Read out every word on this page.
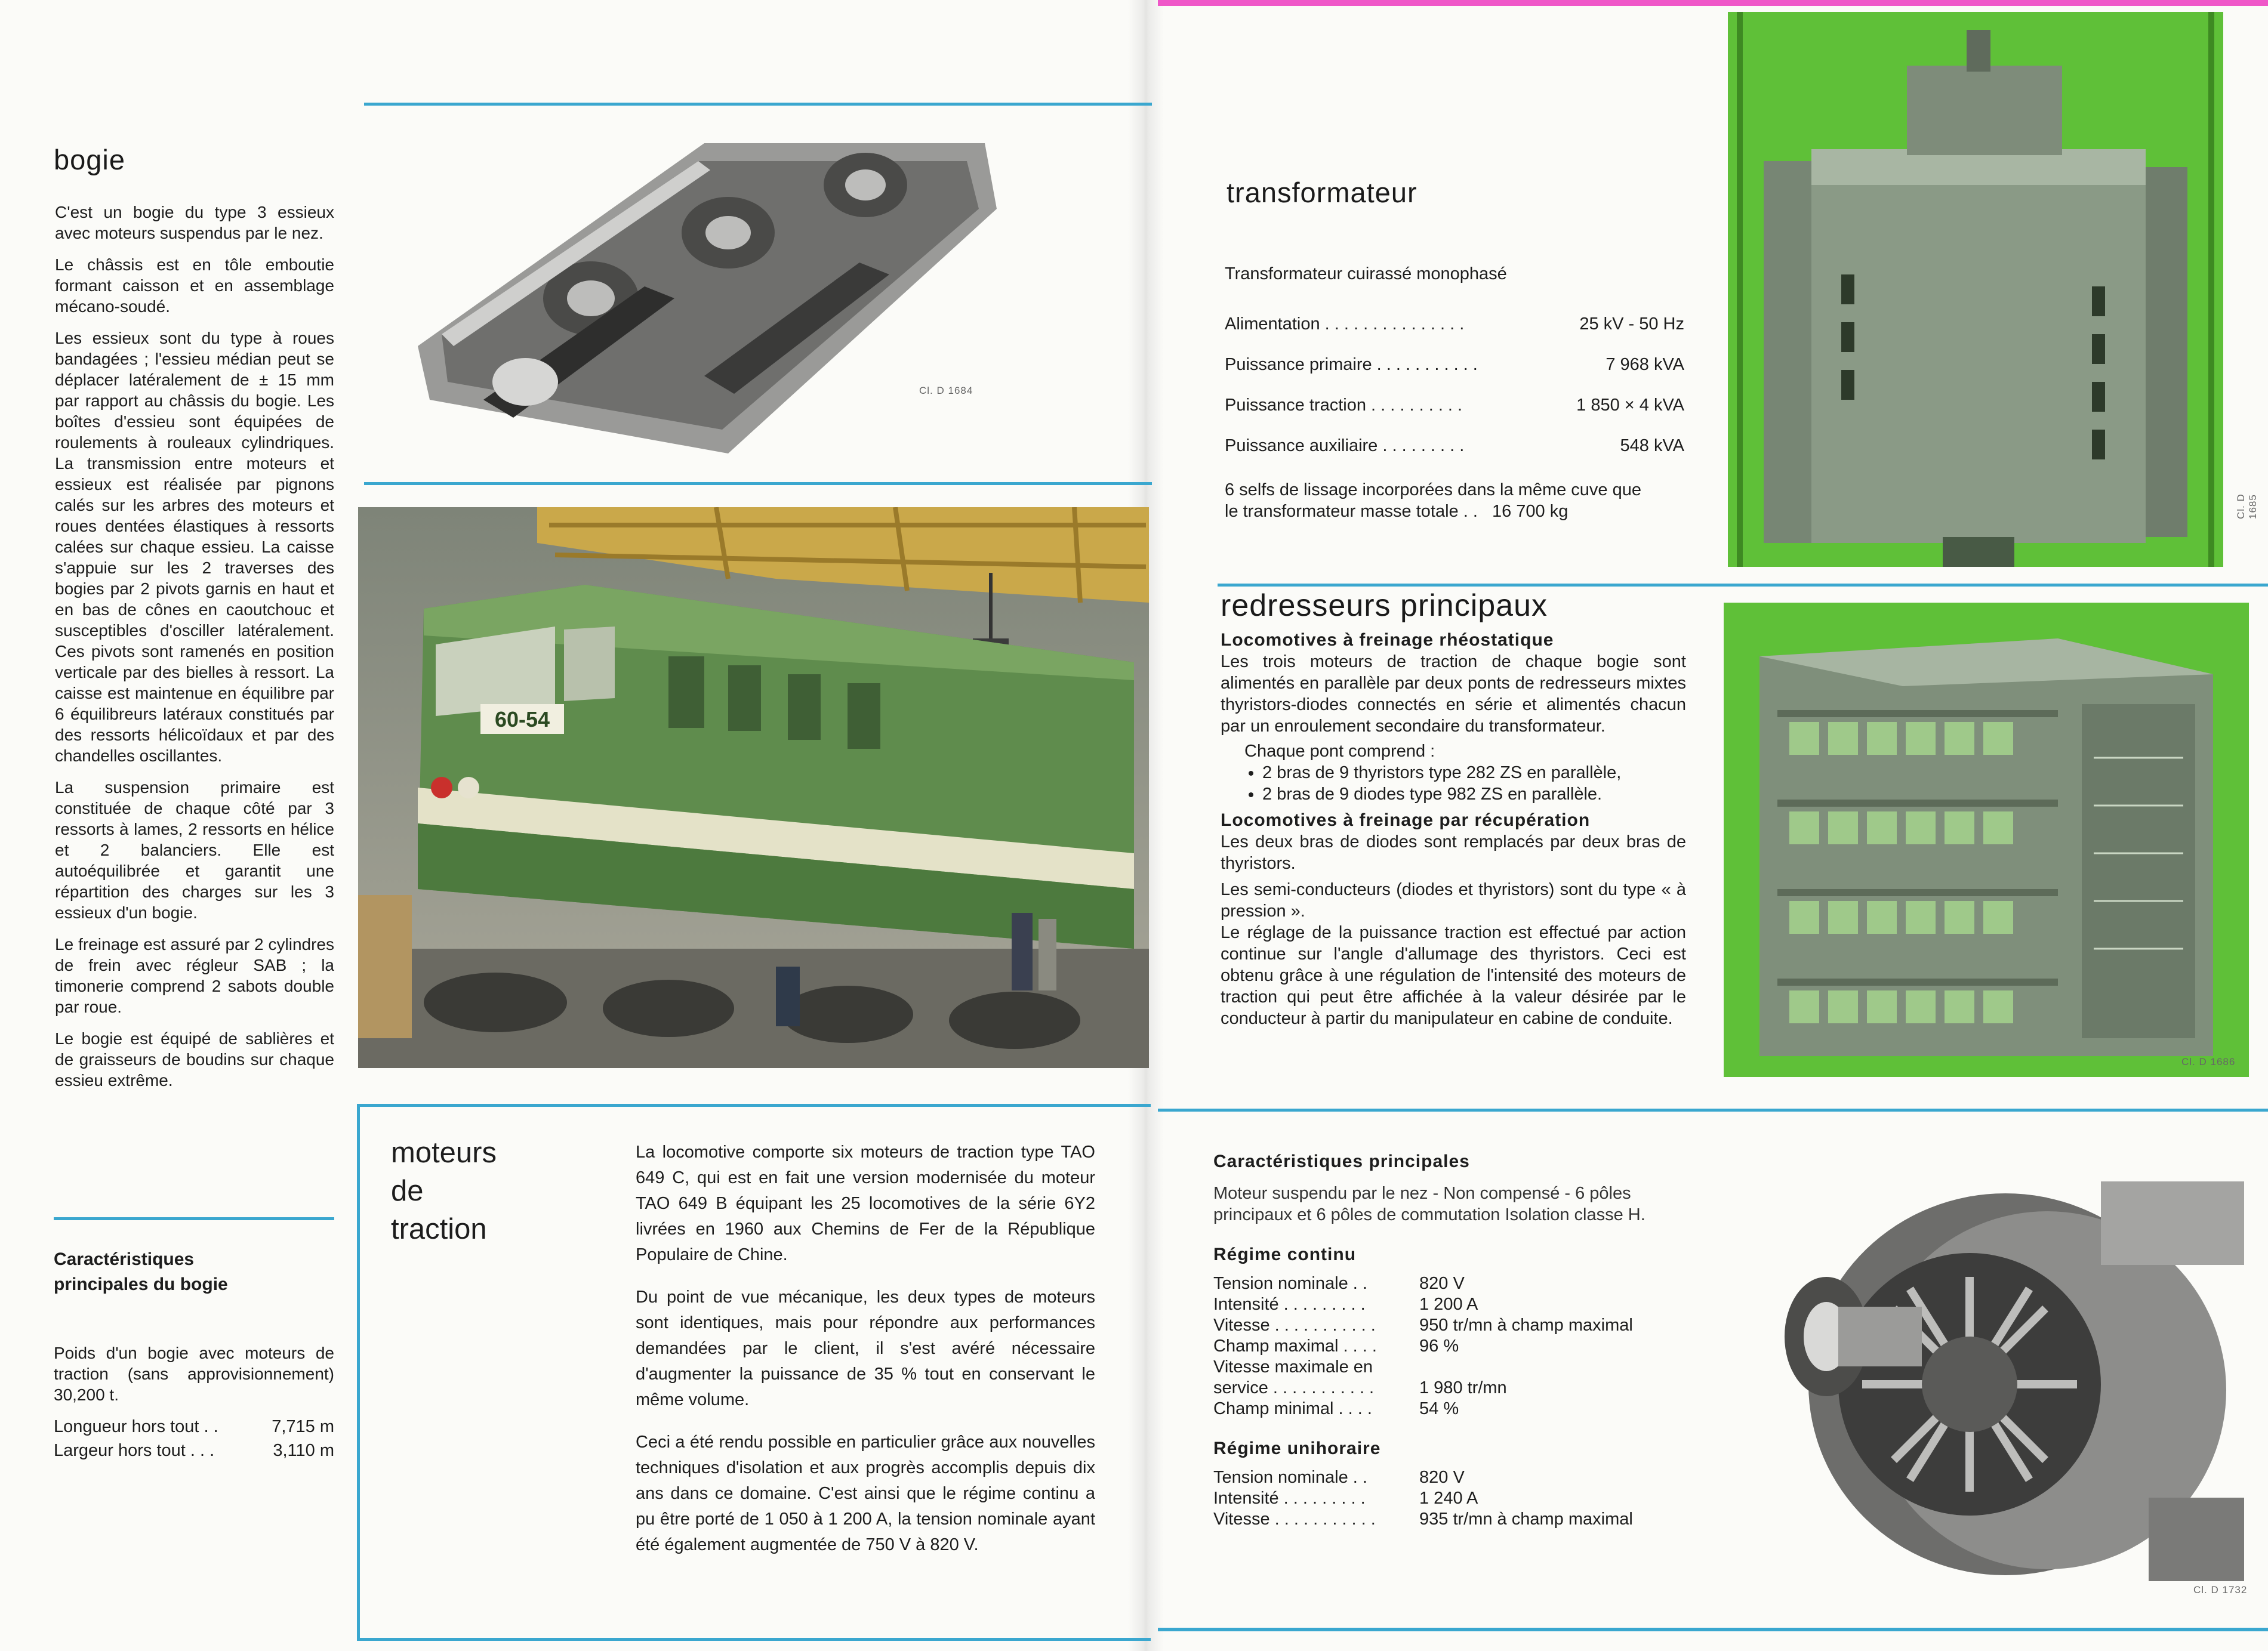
bogie

C'est un bogie du type 3 essieux avec moteurs suspendus par le nez.

Le châssis est en tôle emboutie formant caisson et en assemblage mécano-soudé.

Les essieux sont du type à roues bandagées ; l'essieu médian peut se déplacer latéralement de ± 15 mm par rapport au châssis du bogie. Les boîtes d'essieu sont équipées de roulements à rouleaux cylindriques. La transmission entre moteurs et essieux est réalisée par pignons calés sur les arbres des moteurs et roues dentées élastiques à ressorts calées sur chaque essieu. La caisse s'appuie sur les 2 traverses des bogies par 2 pivots garnis en haut et en bas de cônes en caoutchouc et susceptibles d'osciller latéralement. Ces pivots sont ramenés en position verticale par des bielles à ressort. La caisse est maintenue en équilibre par 6 équilibreurs latéraux constitués par des ressorts hélicoïdaux et par des chandelles oscillantes.

La suspension primaire est constituée de chaque côté par 3 ressorts à lames, 2 ressorts en hélice et 2 balanciers. Elle est autoéquilibrée et garantit une répartition des charges sur les 3 essieux d'un bogie.

Le freinage est assuré par 2 cylindres de frein avec régleur SAB ; la timonerie comprend 2 sabots double par roue.

Le bogie est équipé de sablières et de graisseurs de boudins sur chaque essieu extrême.

Caractéristiques principales du bogie

Poids d'un bogie avec moteurs de traction (sans approvisionnement) 30,200 t.

Longueur hors tout . .	7,715 m
Largeur hors tout . . .	3,110 m
Cl. D 1684
60-54
moteurs
de
traction

La locomotive comporte six moteurs de traction type TAO 649 C, qui est en fait une version modernisée du moteur TAO 649 B équipant les 25 locomotives de la série 6Y2 livrées en 1960 aux Chemins de Fer de la République Populaire de Chine.

Du point de vue mécanique, les deux types de moteurs sont identiques, mais pour répondre aux performances demandées par le client, il s'est avéré nécessaire d'augmenter la puissance de 35 % tout en conservant le même volume.

Ceci a été rendu possible en particulier grâce aux nouvelles techniques d'isolation et aux progrès accomplis depuis dix ans dans ce domaine. C'est ainsi que le régime continu a pu être porté de 1 050 à 1 200 A, la tension nominale ayant été également augmentée de 750 V à 820 V.

transformateur
Transformateur cuirassé monophasé
Alimentation . . . . . . . . . . . . . . .	25 kV - 50 Hz
Puissance primaire . . . . . . . . . . .	7 968 kVA
Puissance traction . . . . . . . . . .	1 850 × 4 kVA
Puissance auxiliaire . . . . . . . . .	548 kVA
6 selfs de lissage incorporées dans la même cuve que
le transformateur masse totale . . 16 700 kg	Cl. D 1685
redresseurs principaux
Locomotives à freinage rhéostatique
Les trois moteurs de traction de chaque bogie sont alimentés en parallèle par deux ponts de redresseurs mixtes thyristors-diodes connectés en série et alimentés chacun par un enroulement secondaire du transformateur.
Chaque pont comprend :
• 2 bras de 9 thyristors type 282 ZS en parallèle,
• 2 bras de 9 diodes type 982 ZS en parallèle.
Locomotives à freinage par récupération
Les deux bras de diodes sont remplacés par deux bras de thyristors.
Les semi-conducteurs (diodes et thyristors) sont du type « à pression ».
Le réglage de la puissance traction est effectué par action continue sur l'angle d'allumage des thyristors. Ceci est obtenu grâce à une régulation de l'intensité des moteurs de traction qui peut être affichée à la valeur désirée par le conducteur à partir du manipulateur en cabine de conduite.
Cl. D 1686
Caractéristiques principales
Moteur suspendu par le nez - Non compensé - 6 pôles principaux et 6 pôles de commutation Isolation classe H.
Régime continu
Tension nominale . .	820 V
Intensité . . . . . . . . .	1 200 A
Vitesse . . . . . . . . . . .	950 tr/mn à champ maximal
Champ maximal . . . .	96 %
Vitesse maximale en service . . . . . . . . . . .	1 980 tr/mn
Champ minimal . . . .	54 %
Régime unihoraire
Tension nominale . .	820 V
Intensité . . . . . . . . .	1 240 A
Vitesse . . . . . . . . . . .	935 tr/mn à champ maximal
Cl. D 1732
